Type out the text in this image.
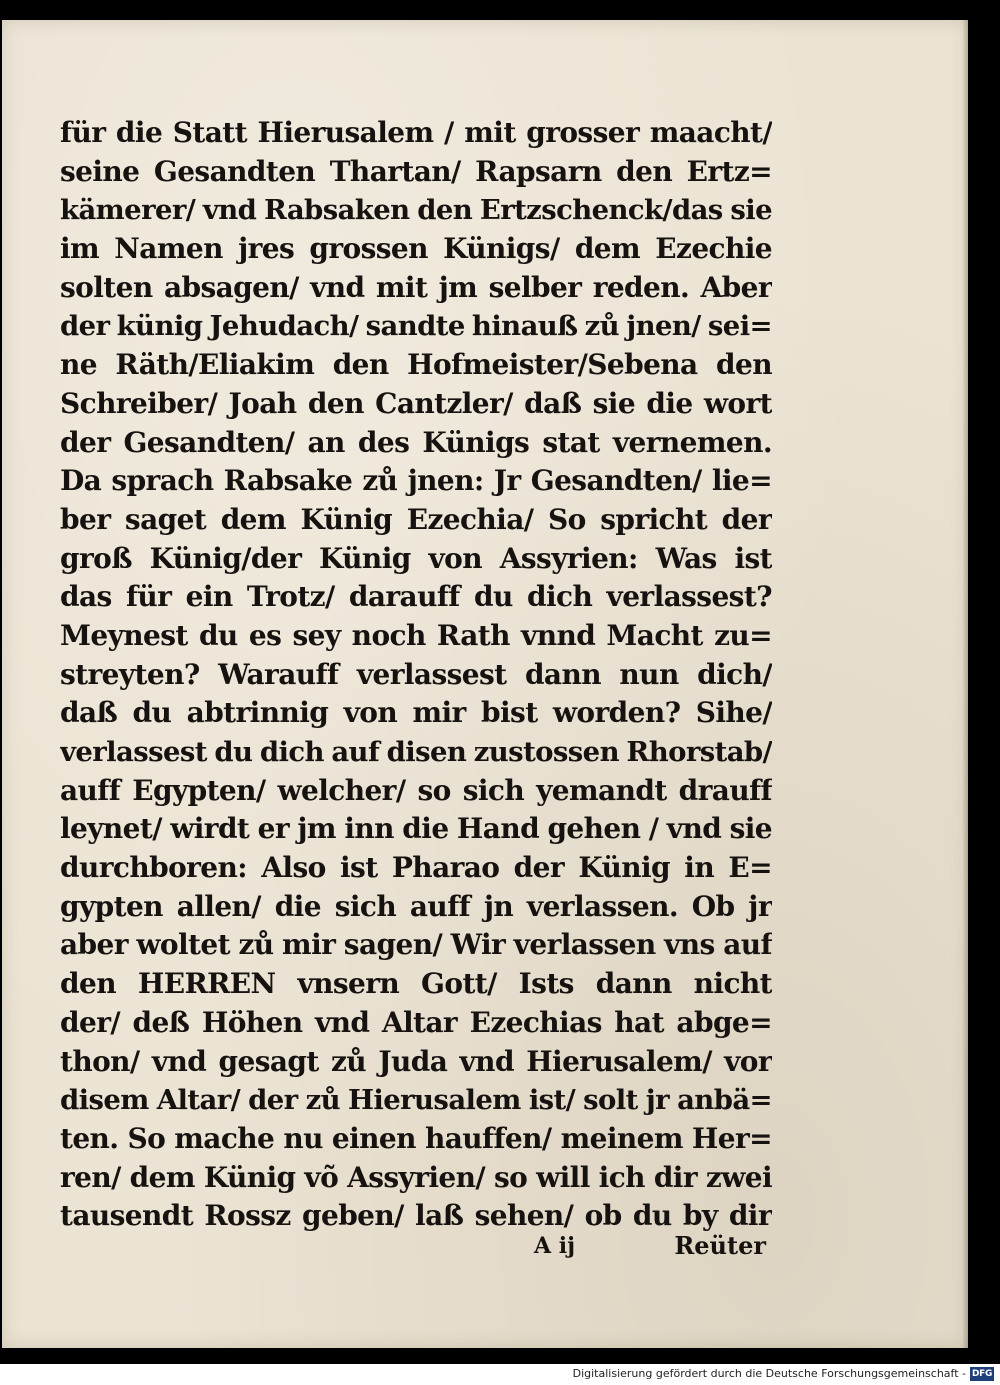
für die Statt Hierusalem / mit grosser maacht/
seine Gesandten Thartan/ Rapsarn den Ertz=
kämerer/ vnd Rabsaken den Ertzschenck/das sie
im Namen jres grossen Künigs/ dem Ezechie
solten absagen/ vnd mit jm selber reden. Aber
der künig Jehudach/ sandte hinauß zů jnen/ sei=
ne Räth/Eliakim den Hofmeister/Sebena den
Schreiber/ Joah den Cantzler/ daß sie die wort
der Gesandten/ an des Künigs stat vernemen.
Da sprach Rabsake zů jnen: Jr Gesandten/ lie=
ber saget dem Künig Ezechia/ So spricht der
groß Künig/der Künig von Assyrien: Was ist
das für ein Trotz/ darauff du dich verlassest?
Meynest du es sey noch Rath vnnd Macht zu=
streyten? Warauff verlassest dann nun dich/
daß du abtrinnig von mir bist worden? Sihe/
verlassest du dich auf disen zustossen Rhorstab/
auff Egypten/ welcher/ so sich yemandt drauff
leynet/ wirdt er jm inn die Hand gehen / vnd sie
durchboren: Also ist Pharao der Künig in E=
gypten allen/ die sich auff jn verlassen. Ob jr
aber woltet zů mir sagen/ Wir verlassen vns auf
den HERREN vnsern Gott/ Ists dann nicht
der/ deß Höhen vnd Altar Ezechias hat abge=
thon/ vnd gesagt zů Juda vnd Hierusalem/ vor
disem Altar/ der zů Hierusalem ist/ solt jr anbä=
ten. So mache nu einen hauffen/ meinem Her=
ren/ dem Künig võ Assyrien/ so will ich dir zwei
tausendt Rossz geben/ laß sehen/ ob du by dir
A ij	Reüter
Digitalisierung gefördert durch die Deutsche Forschungsgemeinschaft - DFG
